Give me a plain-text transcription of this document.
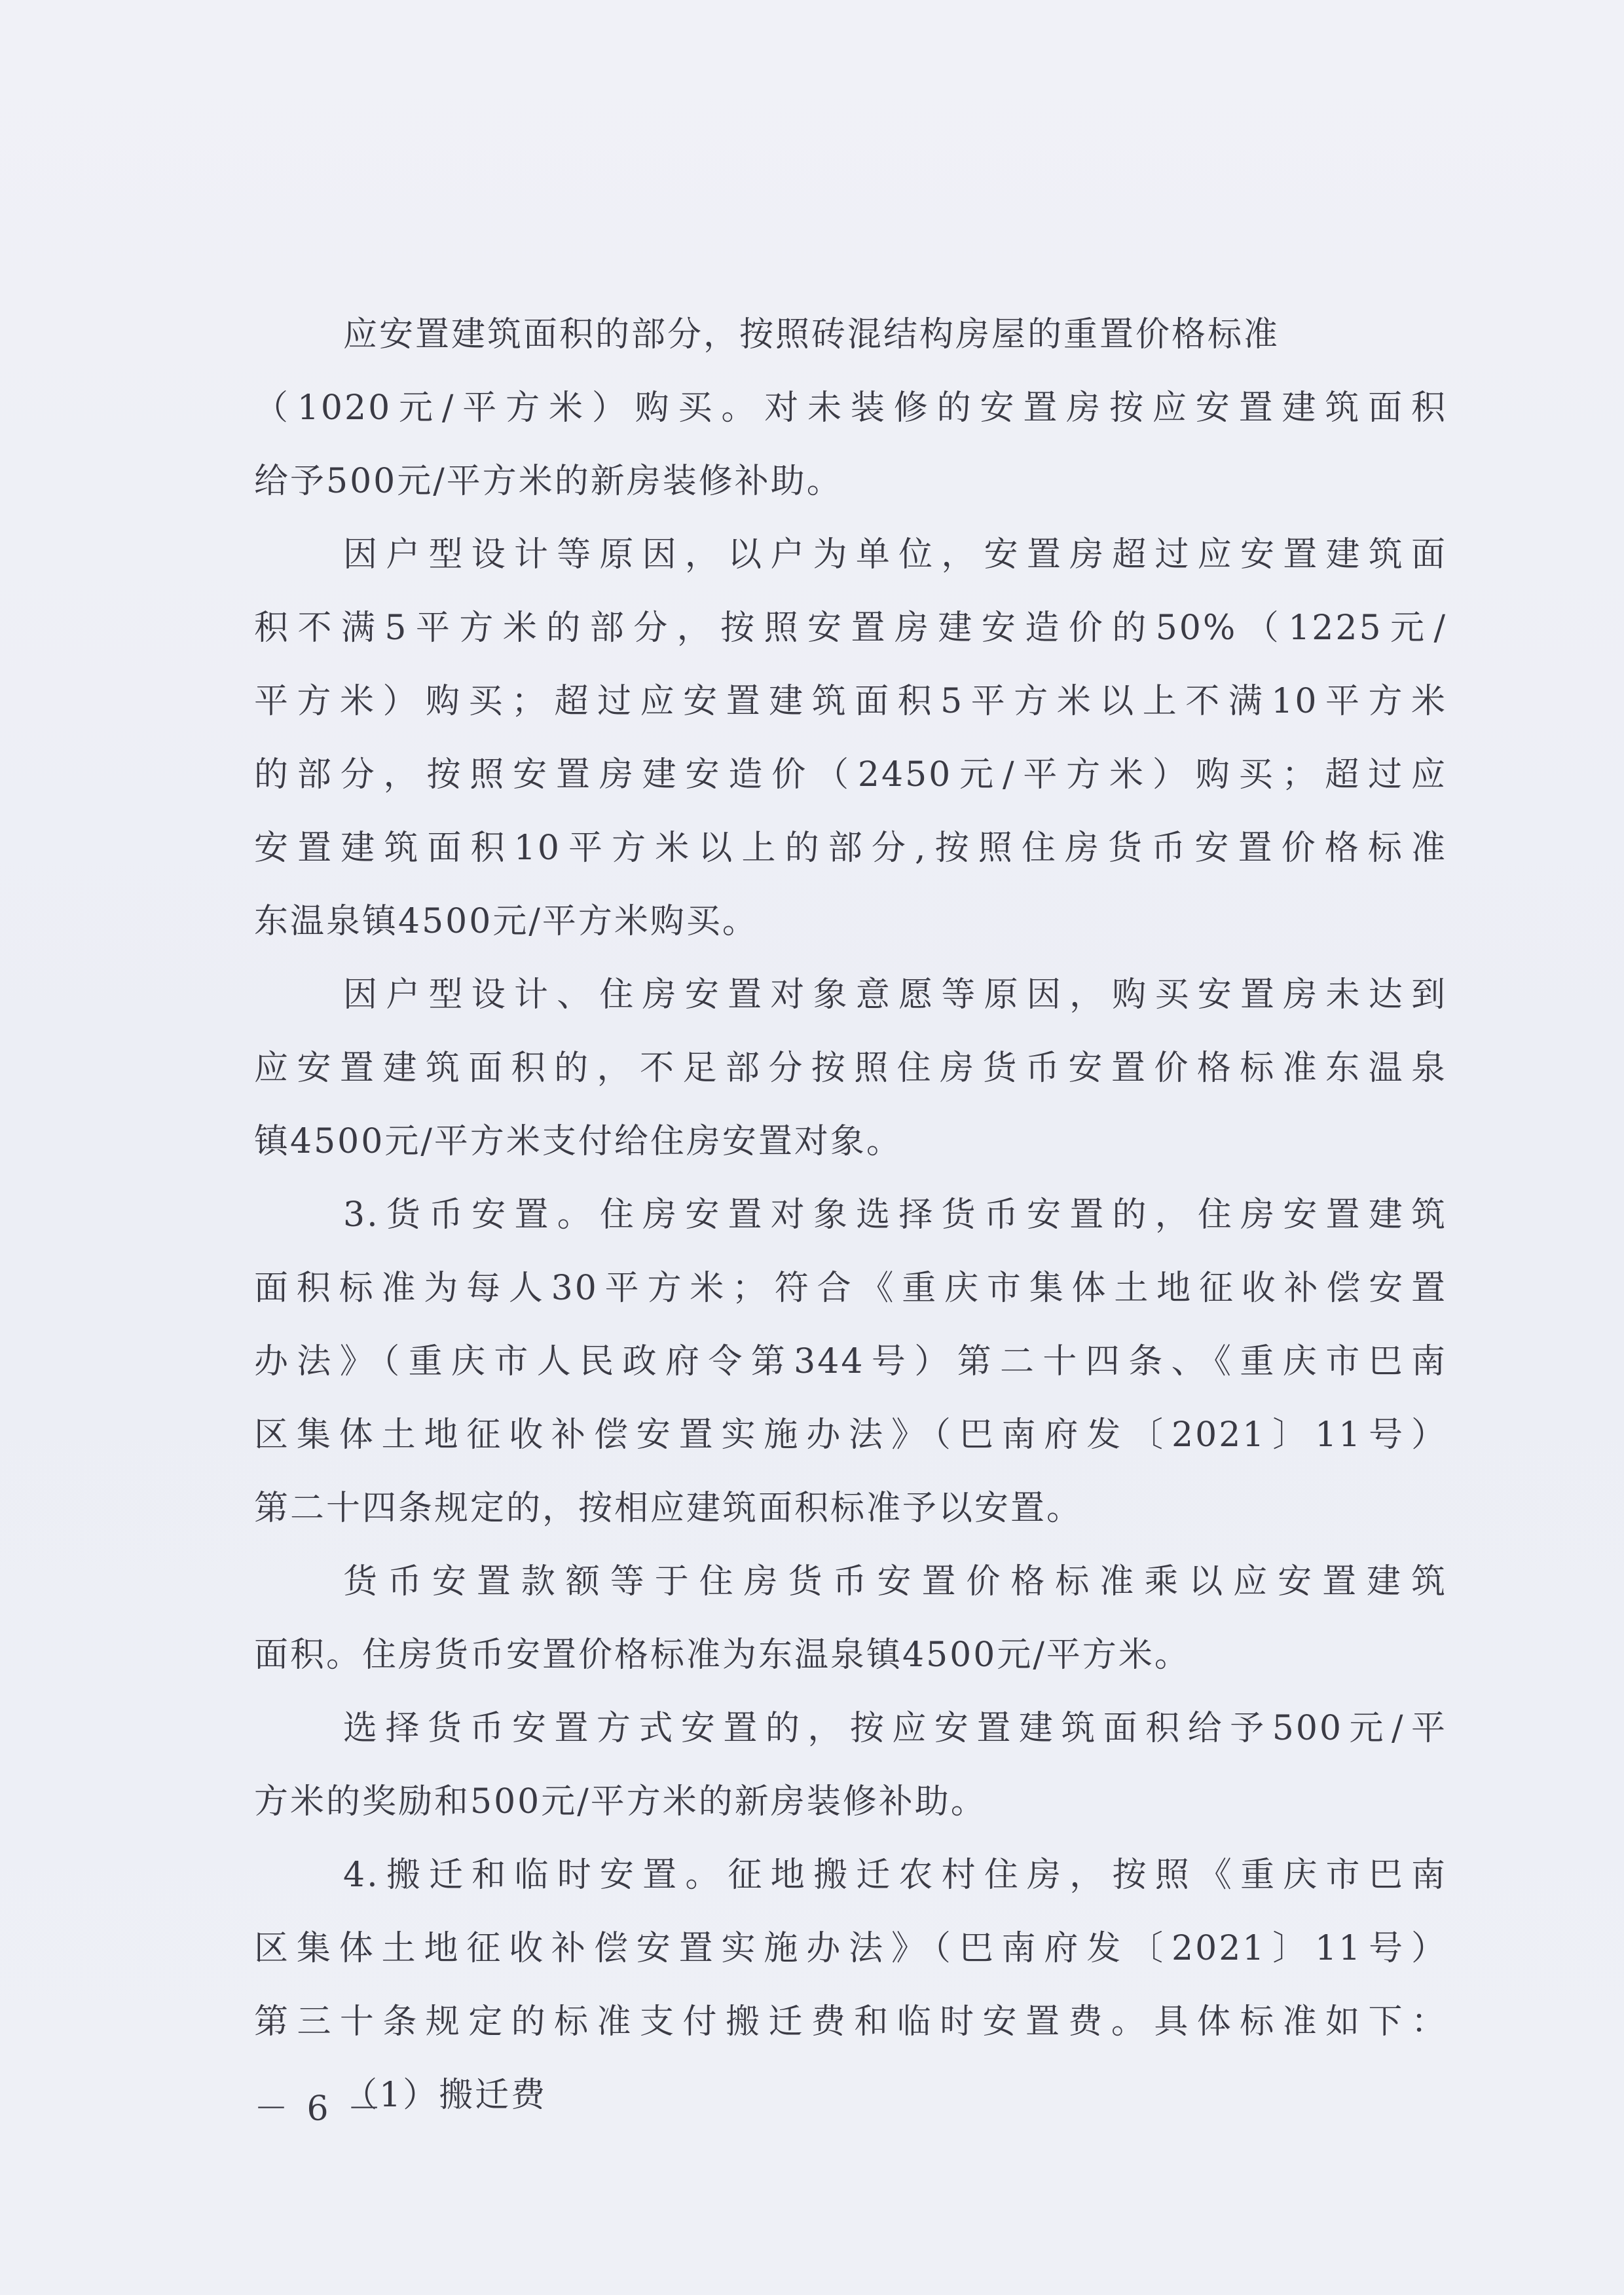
应安置建筑面积的部分，按照砖混结构房屋的重置价格标准
（1020元/平方米）购买。对未装修的安置房按应安置建筑面积
给予500元/平方米的新房装修补助。
因户型设计等原因，以户为单位，安置房超过应安置建筑面
积不满5平方米的部分，按照安置房建安造价的50%（1225元/
平方米）购买；超过应安置建筑面积5平方米以上不满10平方米
的部分，按照安置房建安造价（2450元/平方米）购买；超过应
安置建筑面积10平方米以上的部分,按照住房货币安置价格标准
东温泉镇4500元/平方米购买。
因户型设计、住房安置对象意愿等原因，购买安置房未达到
应安置建筑面积的，不足部分按照住房货币安置价格标准东温泉
镇4500元/平方米支付给住房安置对象。
3.货币安置。住房安置对象选择货币安置的，住房安置建筑
面积标准为每人30平方米；符合《重庆市集体土地征收补偿安置
办法》（重庆市人民政府令第344号）第二十四条、《重庆市巴南
区集体土地征收补偿安置实施办法》（巴南府发〔2021〕11号）
第二十四条规定的，按相应建筑面积标准予以安置。
货币安置款额等于住房货币安置价格标准乘以应安置建筑
面积。住房货币安置价格标准为东温泉镇4500元/平方米。
选择货币安置方式安置的，按应安置建筑面积给予500元/平
方米的奖励和500元/平方米的新房装修补助。
4.搬迁和临时安置。征地搬迁农村住房，按照《重庆市巴南
区集体土地征收补偿安置实施办法》（巴南府发〔2021〕11号）
第三十条规定的标准支付搬迁费和临时安置费。具体标准如下：
（1）搬迁费
－ 6 －
